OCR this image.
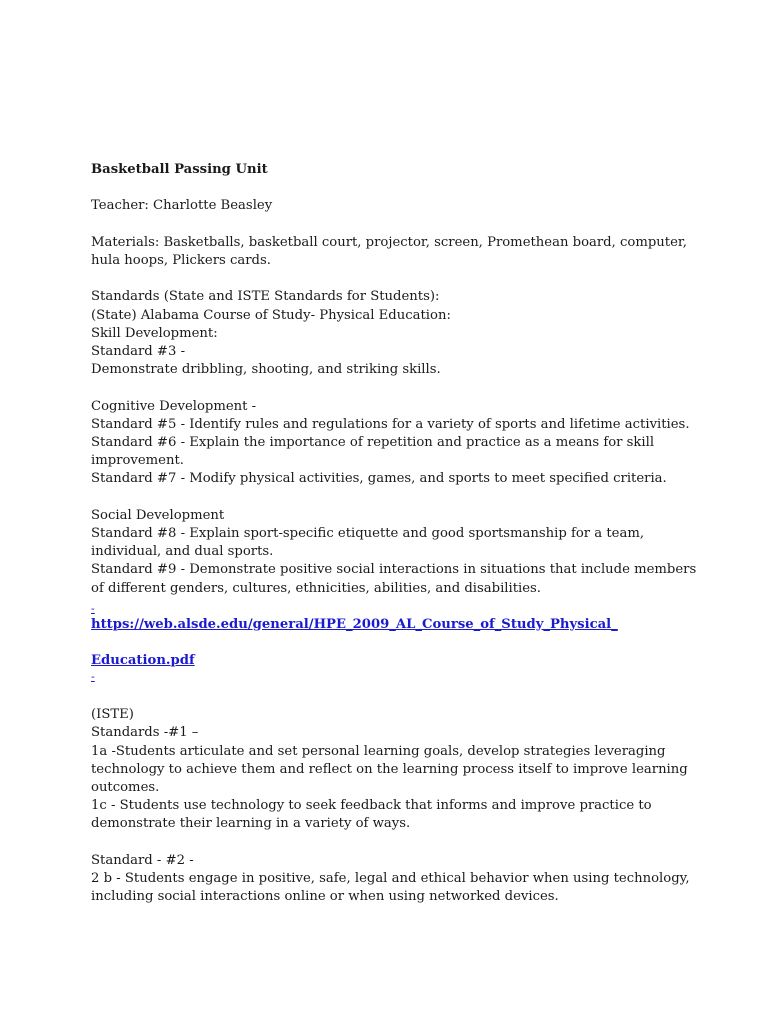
Basketball Passing Unit
Teacher: Charlotte Beasley
Materials: Basketballs, basketball court, projector, screen, Promethean board, computer,
hula hoops, Plickers cards.
Standards (State and ISTE Standards for Students):
(State) Alabama Course of Study- Physical Education:
Skill Development:
Standard #3 -
Demonstrate dribbling, shooting, and striking skills.
Cognitive Development -
Standard #5 - Identify rules and regulations for a variety of sports and lifetime activities.
Standard #6 - Explain the importance of repetition and practice as a means for skill
improvement.
Standard #7 - Modify physical activities, games, and sports to meet specified criteria.
Social Development
Standard #8 - Explain sport-specific etiquette and good sportsmanship for a team,
individual, and dual sports.
Standard #9 - Demonstrate positive social interactions in situations that include members
of different genders, cultures, ethnicities, abilities, and disabilities.
-
https://web.alsde.edu/general/HPE_2009_AL_Course_of_Study_Physical_
Education.pdf
-
(ISTE)
Standards -#1 –
1a -Students articulate and set personal learning goals, develop strategies leveraging
technology to achieve them and reflect on the learning process itself to improve learning
outcomes.
1c - Students use technology to seek feedback that informs and improve practice to
demonstrate their learning in a variety of ways.
Standard - #2 -
2 b - Students engage in positive, safe, legal and ethical behavior when using technology,
including social interactions online or when using networked devices.
